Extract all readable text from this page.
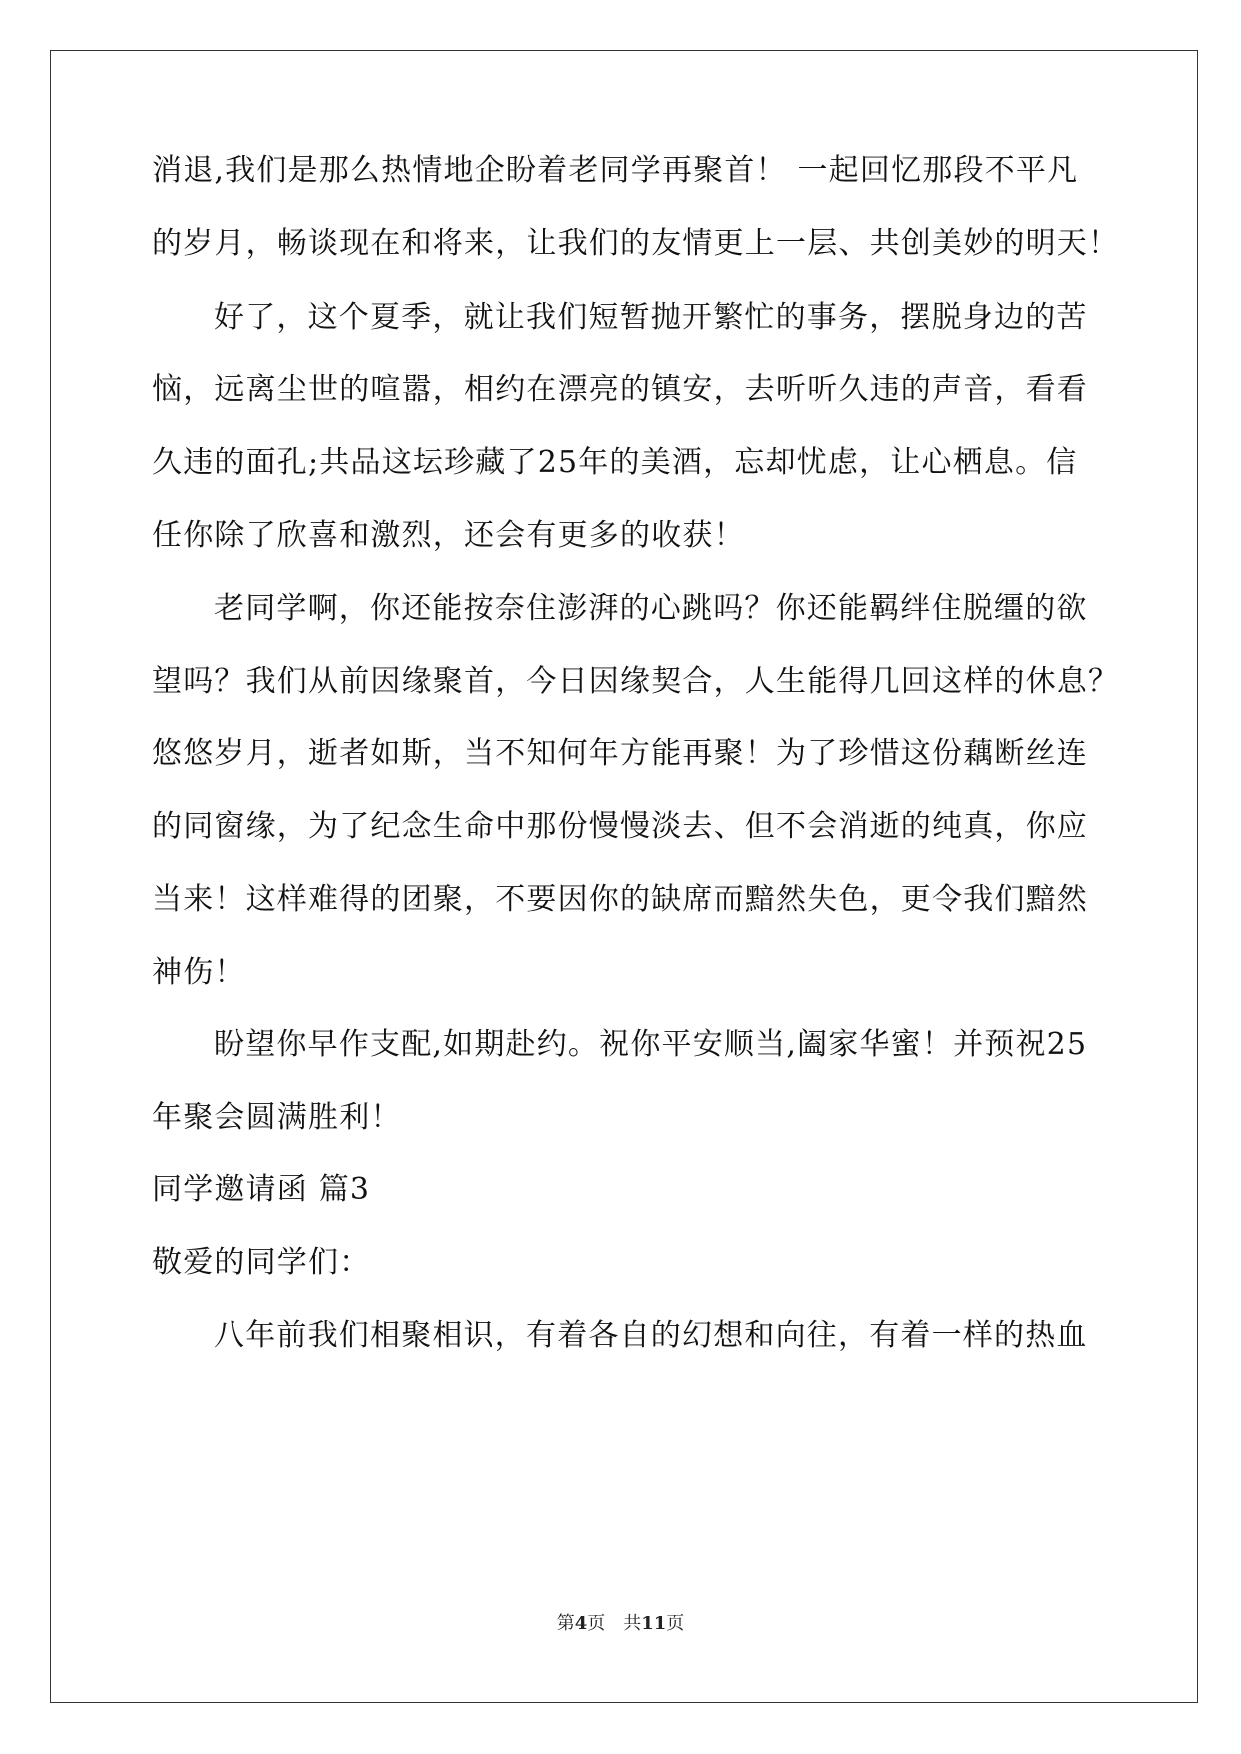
消退,我们是那么热情地企盼着老同学再聚首！ 一起回忆那段不平凡
的岁月，畅谈现在和将来，让我们的友情更上一层、共创美妙的明天！
好了，这个夏季，就让我们短暂抛开繁忙的事务，摆脱身边的苦
恼，远离尘世的喧嚣，相约在漂亮的镇安，去听听久违的声音，看看
久违的面孔;共品这坛珍藏了25年的美酒，忘却忧虑，让心栖息。信
任你除了欣喜和激烈，还会有更多的收获！
老同学啊，你还能按奈住澎湃的心跳吗？你还能羁绊住脱缰的欲
望吗？我们从前因缘聚首，今日因缘契合，人生能得几回这样的休息？
悠悠岁月，逝者如斯，当不知何年方能再聚！为了珍惜这份藕断丝连
的同窗缘，为了纪念生命中那份慢慢淡去、但不会消逝的纯真，你应
当来！这样难得的团聚，不要因你的缺席而黯然失色，更令我们黯然
神伤！
盼望你早作支配,如期赴约。祝你平安顺当,阖家华蜜！并预祝25
年聚会圆满胜利！
同学邀请函 篇3
敬爱的同学们：
八年前我们相聚相识，有着各自的幻想和向往，有着一样的热血
第4页　共11页
